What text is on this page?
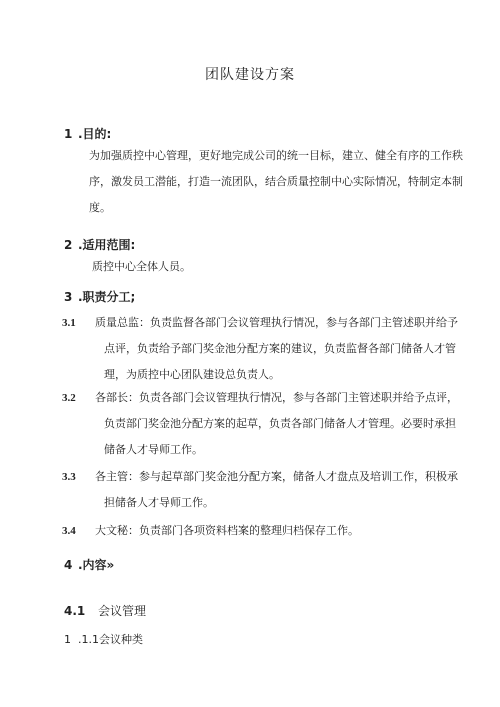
团队建设方案
1 .目的:
为加强质控中心管理，更好地完成公司的统一目标，建立、健全有序的工作秩
序，激发员工潜能，打造一流团队，结合质量控制中心实际情况，特制定本制
度。
2 .适用范围:
质控中心全体人员。
3 .职责分工;
3.1 质量总监：负责监督各部门会议管理执行情况，参与各部门主管述职并给予
点评，负责给予部门奖金池分配方案的建议，负责监督各部门储备人才管
理，为质控中心团队建设总负责人。
3.2 各部长：负责各部门会议管理执行情况，参与各部门主管述职并给予点评，
负责部门奖金池分配方案的起草，负责各部门储备人才管理。必要时承担
储备人才导师工作。
3.3 各主管：参与起草部门奖金池分配方案，储备人才盘点及培训工作，积极承
担储备人才导师工作。
3.4 大文秘：负责部门各项资料档案的整理归档保存工作。
4 .内容»
4.1 会议管理
1 .1.1会议种类
